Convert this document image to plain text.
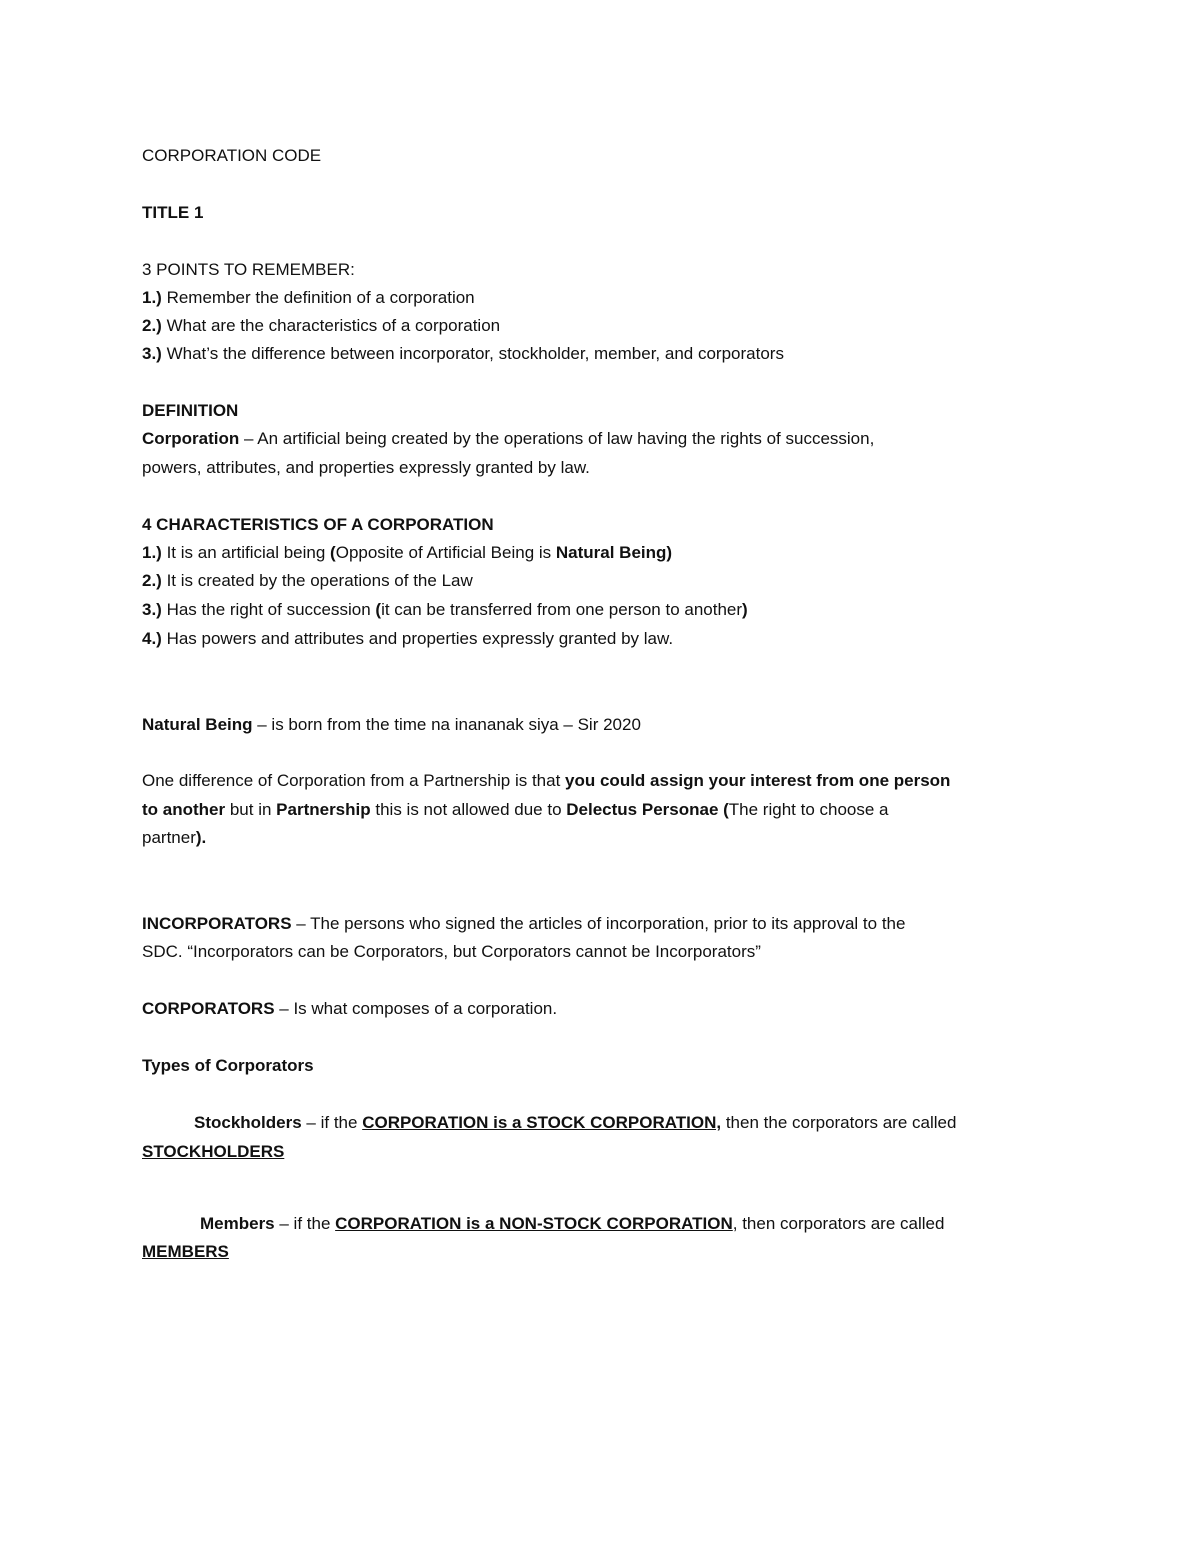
CORPORATION CODE
TITLE 1
3 POINTS TO REMEMBER:
1.) Remember the definition of a corporation
2.) What are the characteristics of a corporation
3.) What’s the difference between incorporator, stockholder, member, and corporators
DEFINITION
Corporation – An artificial being created by the operations of law having the rights of succession,
powers, attributes, and properties expressly granted by law.
4 CHARACTERISTICS OF A CORPORATION
1.) It is an artificial being (Opposite of Artificial Being is Natural Being)
2.) It is created by the operations of the Law
3.) Has the right of succession (it can be transferred from one person to another)
4.) Has powers and attributes and properties expressly granted by law.
Natural Being – is born from the time na inananak siya – Sir 2020
One difference of Corporation from a Partnership is that you could assign your interest from one person
to another but in Partnership this is not allowed due to Delectus Personae (The right to choose a
partner).
INCORPORATORS – The persons who signed the articles of incorporation, prior to its approval to the
SDC. “Incorporators can be Corporators, but Corporators cannot be Incorporators”
CORPORATORS – Is what composes of a corporation.
Types of Corporators
Stockholders – if the CORPORATION is a STOCK CORPORATION, then the corporators are called
STOCKHOLDERS
Members – if the CORPORATION is a NON-STOCK CORPORATION, then corporators are called
MEMBERS
